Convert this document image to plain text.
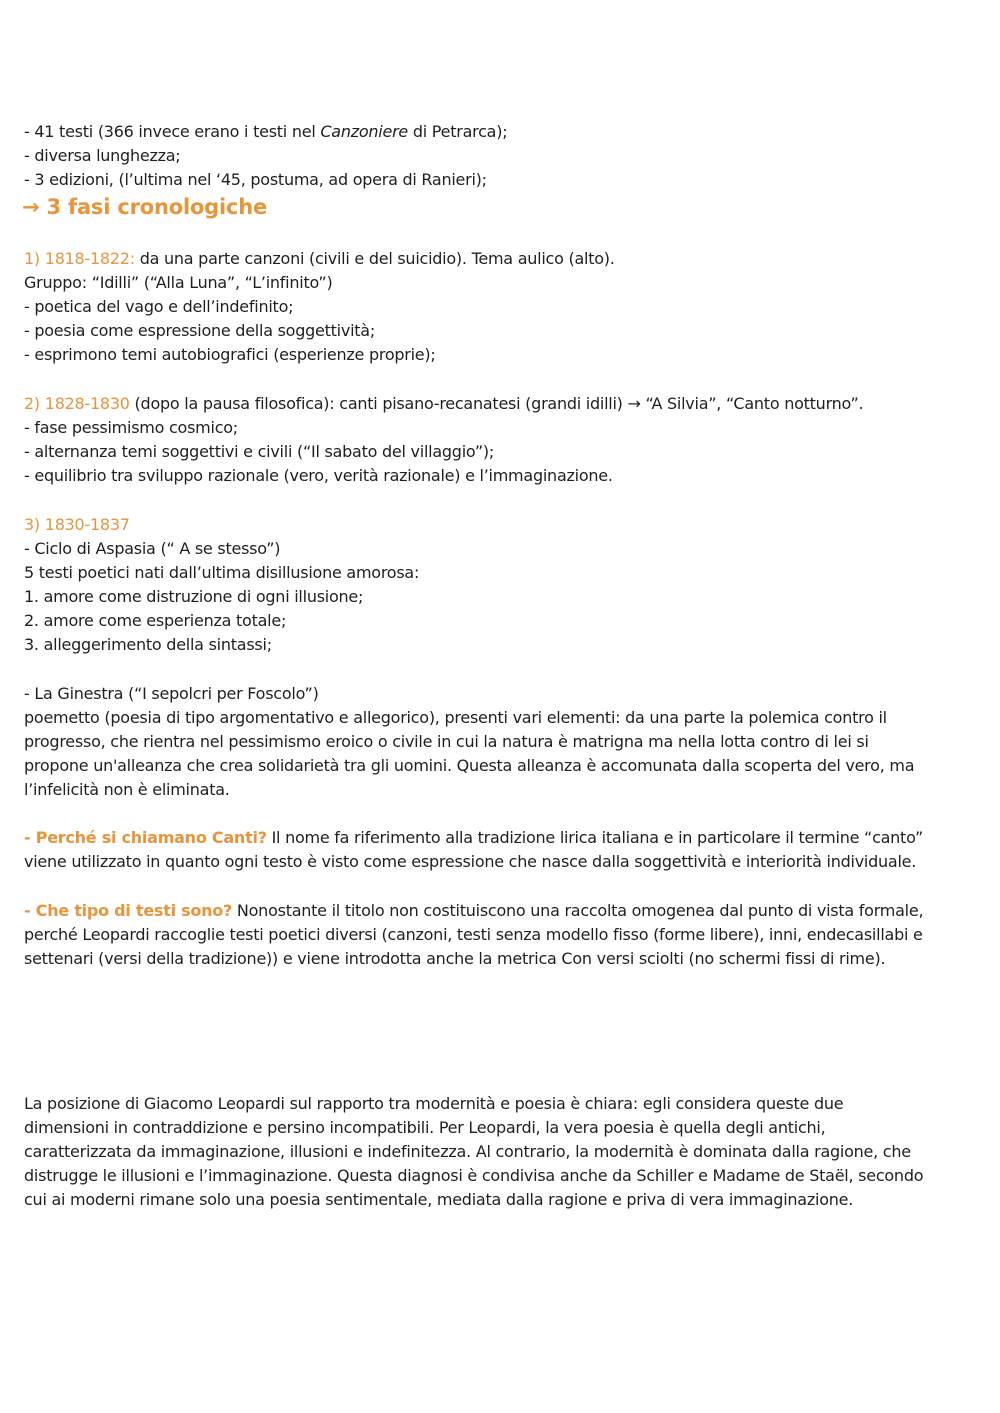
- 41 testi (366 invece erano i testi nel Canzoniere di Petrarca);
- diversa lunghezza;
- 3 edizioni, (l’ultima nel ‘45, postuma, ad opera di Ranieri);
→ 3 fasi cronologiche
1) 1818-1822: da una parte canzoni (civili e del suicidio). Tema aulico (alto).
Gruppo: “Idilli” (“Alla Luna”, “L’infinito”)
- poetica del vago e dell’indefinito;
- poesia come espressione della soggettività;
- esprimono temi autobiografici (esperienze proprie);
2) 1828-1830 (dopo la pausa filosofica): canti pisano-recanatesi (grandi idilli) → “A Silvia”, “Canto notturno”.
- fase pessimismo cosmico;
- alternanza temi soggettivi e civili (“Il sabato del villaggio”);
- equilibrio tra sviluppo razionale (vero, verità razionale) e l’immaginazione.
3) 1830-1837
- Ciclo di Aspasia (“ A se stesso”)
5 testi poetici nati dall’ultima disillusione amorosa:
1. amore come distruzione di ogni illusione;
2. amore come esperienza totale;
3. alleggerimento della sintassi;
- La Ginestra (“I sepolcri per Foscolo”)
poemetto (poesia di tipo argomentativo e allegorico), presenti vari elementi: da una parte la polemica contro il
progresso, che rientra nel pessimismo eroico o civile in cui la natura è matrigna ma nella lotta contro di lei si
propone un'alleanza che crea solidarietà tra gli uomini. Questa alleanza è accomunata dalla scoperta del vero, ma
l’infelicità non è eliminata.
- Perché si chiamano Canti? Il nome fa riferimento alla tradizione lirica italiana e in particolare il termine “canto”
viene utilizzato in quanto ogni testo è visto come espressione che nasce dalla soggettività e interiorità individuale.
- Che tipo di testi sono? Nonostante il titolo non costituiscono una raccolta omogenea dal punto di vista formale,
perché Leopardi raccoglie testi poetici diversi (canzoni, testi senza modello fisso (forme libere), inni, endecasillabi e
settenari (versi della tradizione)) e viene introdotta anche la metrica Con versi sciolti (no schermi fissi di rime).
La posizione di Giacomo Leopardi sul rapporto tra modernità e poesia è chiara: egli considera queste due
dimensioni in contraddizione e persino incompatibili. Per Leopardi, la vera poesia è quella degli antichi,
caratterizzata da immaginazione, illusioni e indefinitezza. Al contrario, la modernità è dominata dalla ragione, che
distrugge le illusioni e l’immaginazione. Questa diagnosi è condivisa anche da Schiller e Madame de Staël, secondo
cui ai moderni rimane solo una poesia sentimentale, mediata dalla ragione e priva di vera immaginazione.
